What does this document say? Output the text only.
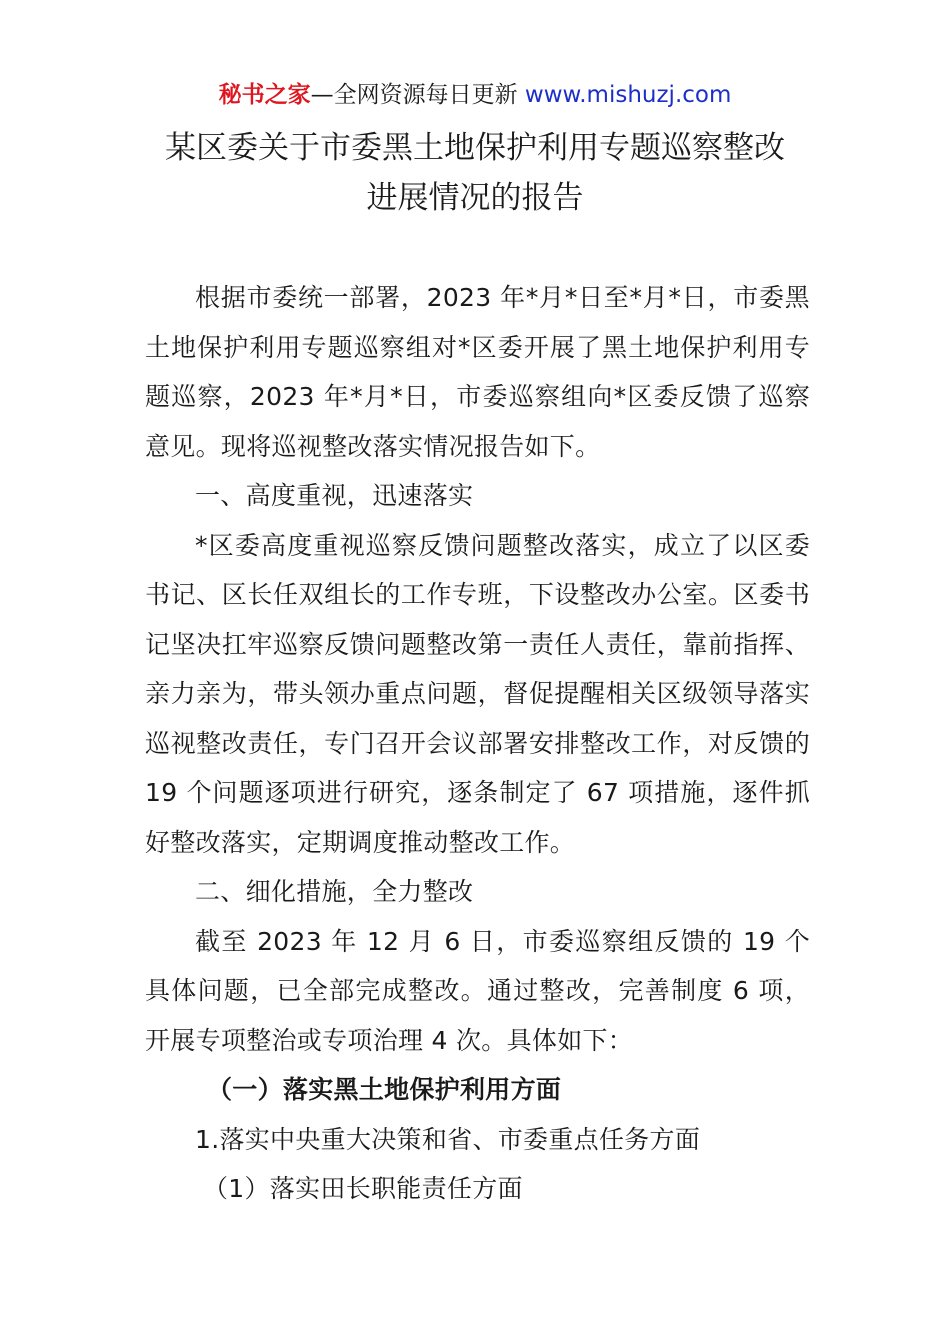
秘书之家—全网资源每日更新 www.mishuzj.com
某区委关于市委黑土地保护利用专题巡察整改
进展情况的报告

根据市委统一部署，2023 年*月*日至*月*日，市委黑土地保护利用专题巡察组对*区委开展了黑土地保护利用专题巡察，2023 年*月*日，市委巡察组向*区委反馈了巡察意见。现将巡视整改落实情况报告如下。

一、高度重视，迅速落实

*区委高度重视巡察反馈问题整改落实，成立了以区委书记、区长任双组长的工作专班，下设整改办公室。区委书记坚决扛牢巡察反馈问题整改第一责任人责任，靠前指挥、亲力亲为，带头领办重点问题，督促提醒相关区级领导落实巡视整改责任，专门召开会议部署安排整改工作，对反馈的 19 个问题逐项进行研究，逐条制定了 67 项措施，逐件抓好整改落实，定期调度推动整改工作。

二、细化措施，全力整改

截至 2023 年 12 月 6 日，市委巡察组反馈的 19 个具体问题，已全部完成整改。通过整改，完善制度 6 项，开展专项整治或专项治理 4 次。具体如下：

（一）落实黑土地保护利用方面

1.落实中央重大决策和省、市委重点任务方面

（1）落实田长职能责任方面
